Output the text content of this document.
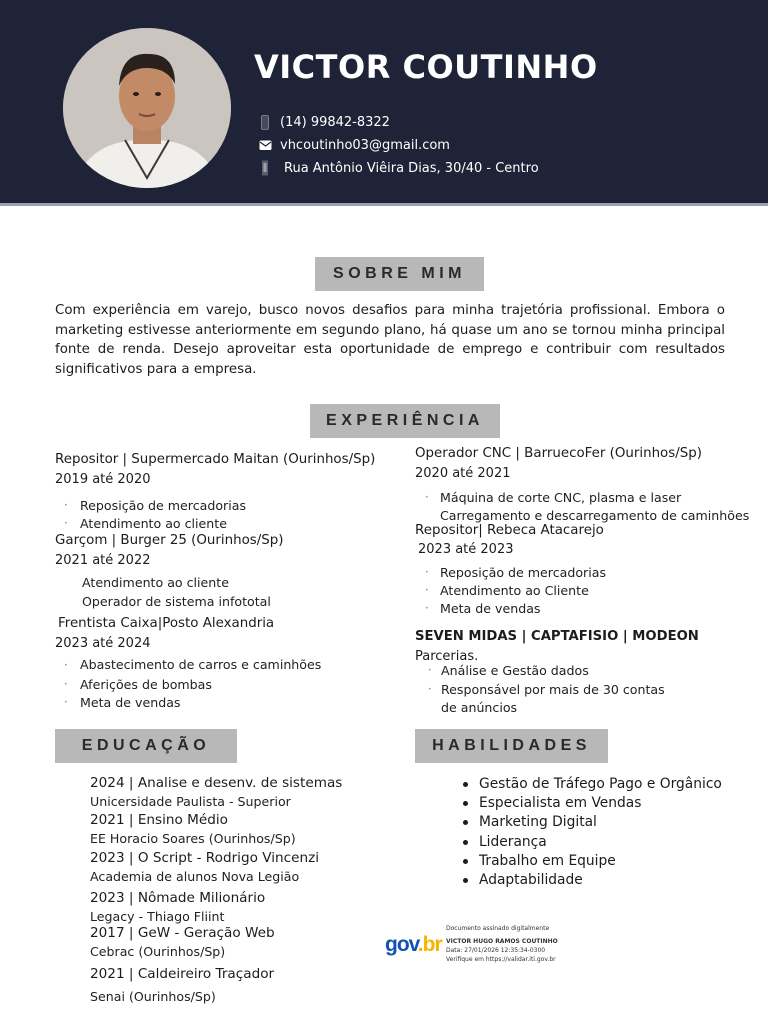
VICTOR COUTINHO
(14) 99842-8322
vhcoutinho03@gmail.com
Rua Antônio Viêira Dias, 30/40 - Centro
SOBRE MIM
Com experiência em varejo, busco novos desafios para minha trajetória profissional. Embora o marketing estivesse anteriormente em segundo plano, há quase um ano se tornou minha principal fonte de renda. Desejo aproveitar esta oportunidade de emprego e contribuir com resultados significativos para a empresa.
EXPERIÊNCIA
Repositor | Supermercado Maitan (Ourinhos/Sp)
2019 até 2020
• Reposição de mercadorias
• Atendimento ao cliente
Garçom | Burger 25 (Ourinhos/Sp)
2021 até 2022
Atendimento ao cliente
Operador de sistema infototal
Frentista Caixa|Posto Alexandria
2023 até 2024
• Abastecimento de carros e caminhões
• Aferições de bombas
• Meta de vendas
Operador CNC | BarruecoFer (Ourinhos/Sp)
2020 até 2021
• Máquina de corte CNC, plasma e laser
Carregamento e descarregamento de caminhões
Repositor| Rebeca Atacarejo
2023 até 2023
• Reposição de mercadorias
• Atendimento ao Cliente
• Meta de vendas
SEVEN MIDAS | CAPTAFISIO | MODEON
Parcerias.
• Análise e Gestão dados
• Responsável por mais de 30 contas
de anúncios
EDUCAÇÃO
2024 | Analise e desenv. de sistemas
Unicersidade Paulista - Superior
2021 | Ensino Médio
EE Horacio Soares (Ourinhos/Sp)
2023 | O Script - Rodrigo Vincenzi
Academia de alunos Nova Legião
2023 | Nômade Milionário
Legacy - Thiago Fliint
2017 | GeW - Geração Web
Cebrac (Ourinhos/Sp)
2021 | Caldeireiro Traçador
Senai (Ourinhos/Sp)
HABILIDADES
Gestão de Tráfego Pago e Orgânico
Especialista em Vendas
Marketing Digital
Liderança
Trabalho em Equipe
Adaptabilidade
gov.br
Documento assinado digitalmente
VICTOR HUGO RAMOS COUTINHO
Data: 27/01/2026 12:35:34-0300
Verifique em https://validar.iti.gov.br
